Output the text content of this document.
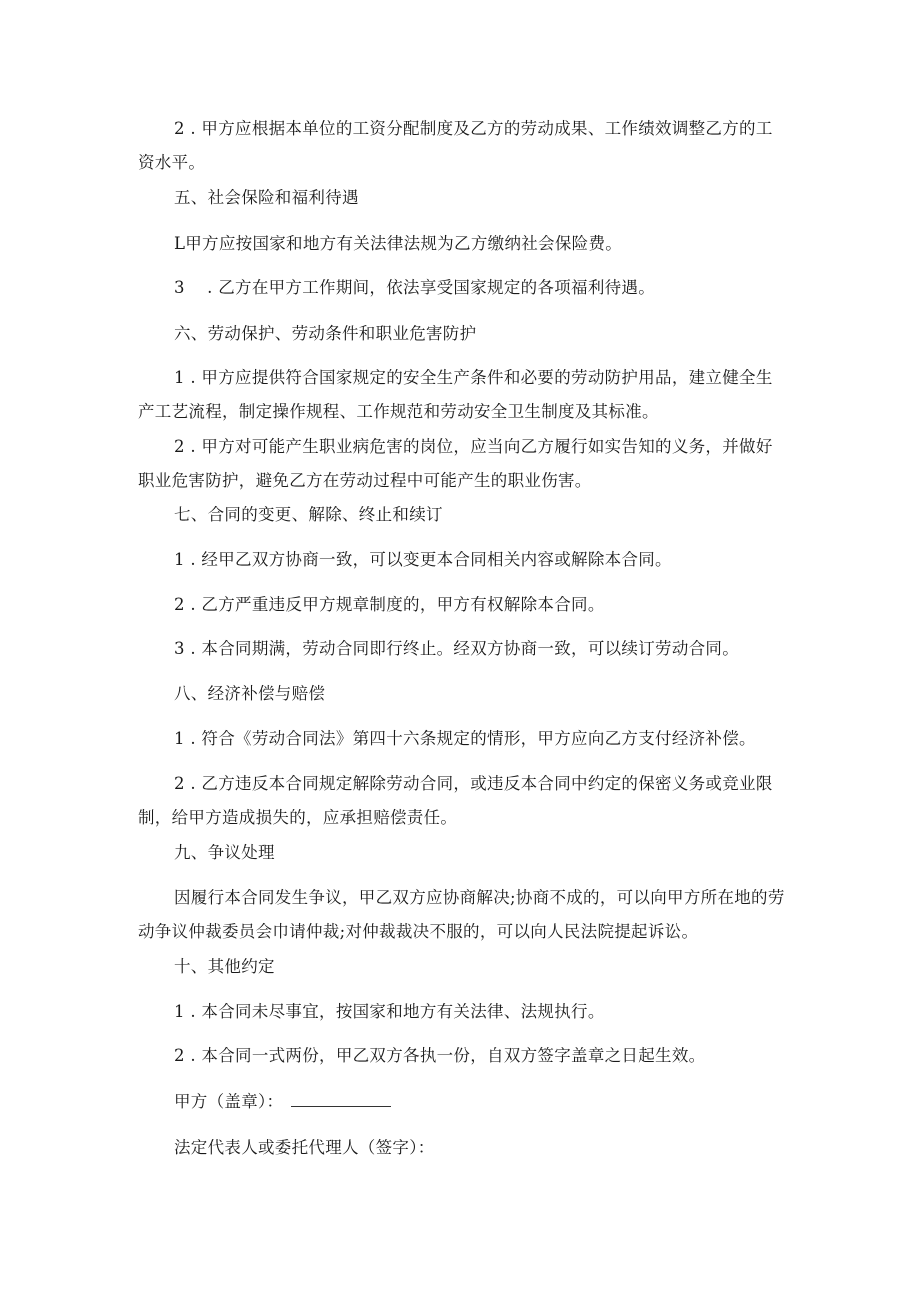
2 . 甲方应根据本单位的工资分配制度及乙方的劳动成果、工作绩效调整乙方的工资水平。

五、社会保险和福利待遇

L甲方应按国家和地方有关法律法规为乙方缴纳社会保险费。

3　 . 乙方在甲方工作期间，依法享受国家规定的各项福利待遇。

六、劳动保护、劳动条件和职业危害防护

1 . 甲方应提供符合国家规定的安全生产条件和必要的劳动防护用品，建立健全生产工艺流程，制定操作规程、工作规范和劳动安全卫生制度及其标准。

2 . 甲方对可能产生职业病危害的岗位，应当向乙方履行如实告知的义务，并做好职业危害防护，避免乙方在劳动过程中可能产生的职业伤害。

七、合同的变更、解除、终止和续订

1 . 经甲乙双方协商一致，可以变更本合同相关内容或解除本合同。

2 . 乙方严重违反甲方规章制度的，甲方有权解除本合同。

3 . 本合同期满，劳动合同即行终止。经双方协商一致，可以续订劳动合同。

八、经济补偿与赔偿

1 . 符合《劳动合同法》第四十六条规定的情形，甲方应向乙方支付经济补偿。

2 . 乙方违反本合同规定解除劳动合同，或违反本合同中约定的保密义务或竞业限制，给甲方造成损失的，应承担赔偿责任。

九、争议处理

因履行本合同发生争议，甲乙双方应协商解决;协商不成的，可以向甲方所在地的劳动争议仲裁委员会巾请仲裁;对仲裁裁决不服的，可以向人民法院提起诉讼。

十、其他约定

1 . 本合同未尽事宜，按国家和地方有关法律、法规执行。

2 . 本合同一式两份，甲乙双方各执一份，自双方签字盖章之日起生效。

甲方（盖章）：

法定代表人或委托代理人（签字）：
